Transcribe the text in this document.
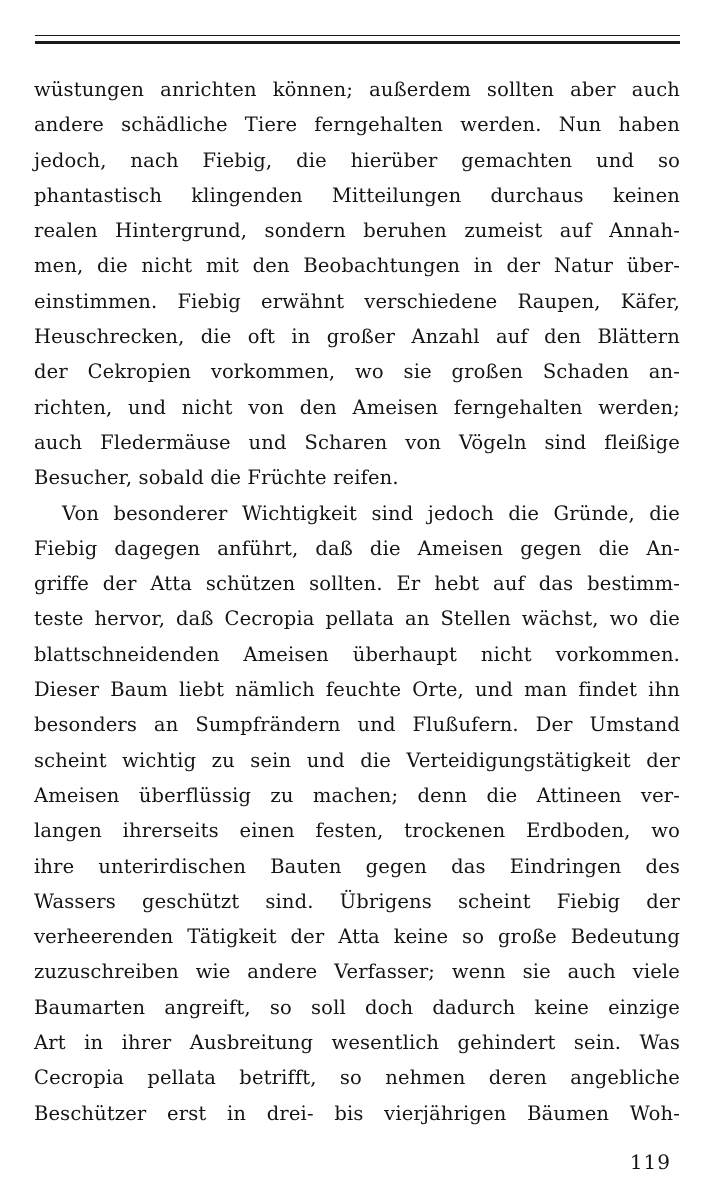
wüstungen anrichten können; außerdem sollten aber auch
andere schädliche Tiere ferngehalten werden. Nun haben
jedoch, nach Fiebig, die hierüber gemachten und so
phantastisch klingenden Mitteilungen durchaus keinen
realen Hintergrund, sondern beruhen zumeist auf Annah-
men, die nicht mit den Beobachtungen in der Natur über-
einstimmen. Fiebig erwähnt verschiedene Raupen, Käfer,
Heuschrecken, die oft in großer Anzahl auf den Blättern
der Cekropien vorkommen, wo sie großen Schaden an-
richten, und nicht von den Ameisen ferngehalten werden;
auch Fledermäuse und Scharen von Vögeln sind fleißige
Besucher, sobald die Früchte reifen.
Von besonderer Wichtigkeit sind jedoch die Gründe, die
Fiebig dagegen anführt, daß die Ameisen gegen die An-
griffe der Atta schützen sollten. Er hebt auf das bestimm-
teste hervor, daß Cecropia pellata an Stellen wächst, wo die
blattschneidenden Ameisen überhaupt nicht vorkommen.
Dieser Baum liebt nämlich feuchte Orte, und man findet ihn
besonders an Sumpfrändern und Flußufern. Der Umstand
scheint wichtig zu sein und die Verteidigungstätigkeit der
Ameisen überflüssig zu machen; denn die Attineen ver-
langen ihrerseits einen festen, trockenen Erdboden, wo
ihre unterirdischen Bauten gegen das Eindringen des
Wassers geschützt sind. Übrigens scheint Fiebig der
verheerenden Tätigkeit der Atta keine so große Bedeutung
zuzuschreiben wie andere Verfasser; wenn sie auch viele
Baumarten angreift, so soll doch dadurch keine einzige
Art in ihrer Ausbreitung wesentlich gehindert sein. Was
Cecropia pellata betrifft, so nehmen deren angebliche
Beschützer erst in drei- bis vierjährigen Bäumen Woh-
119
